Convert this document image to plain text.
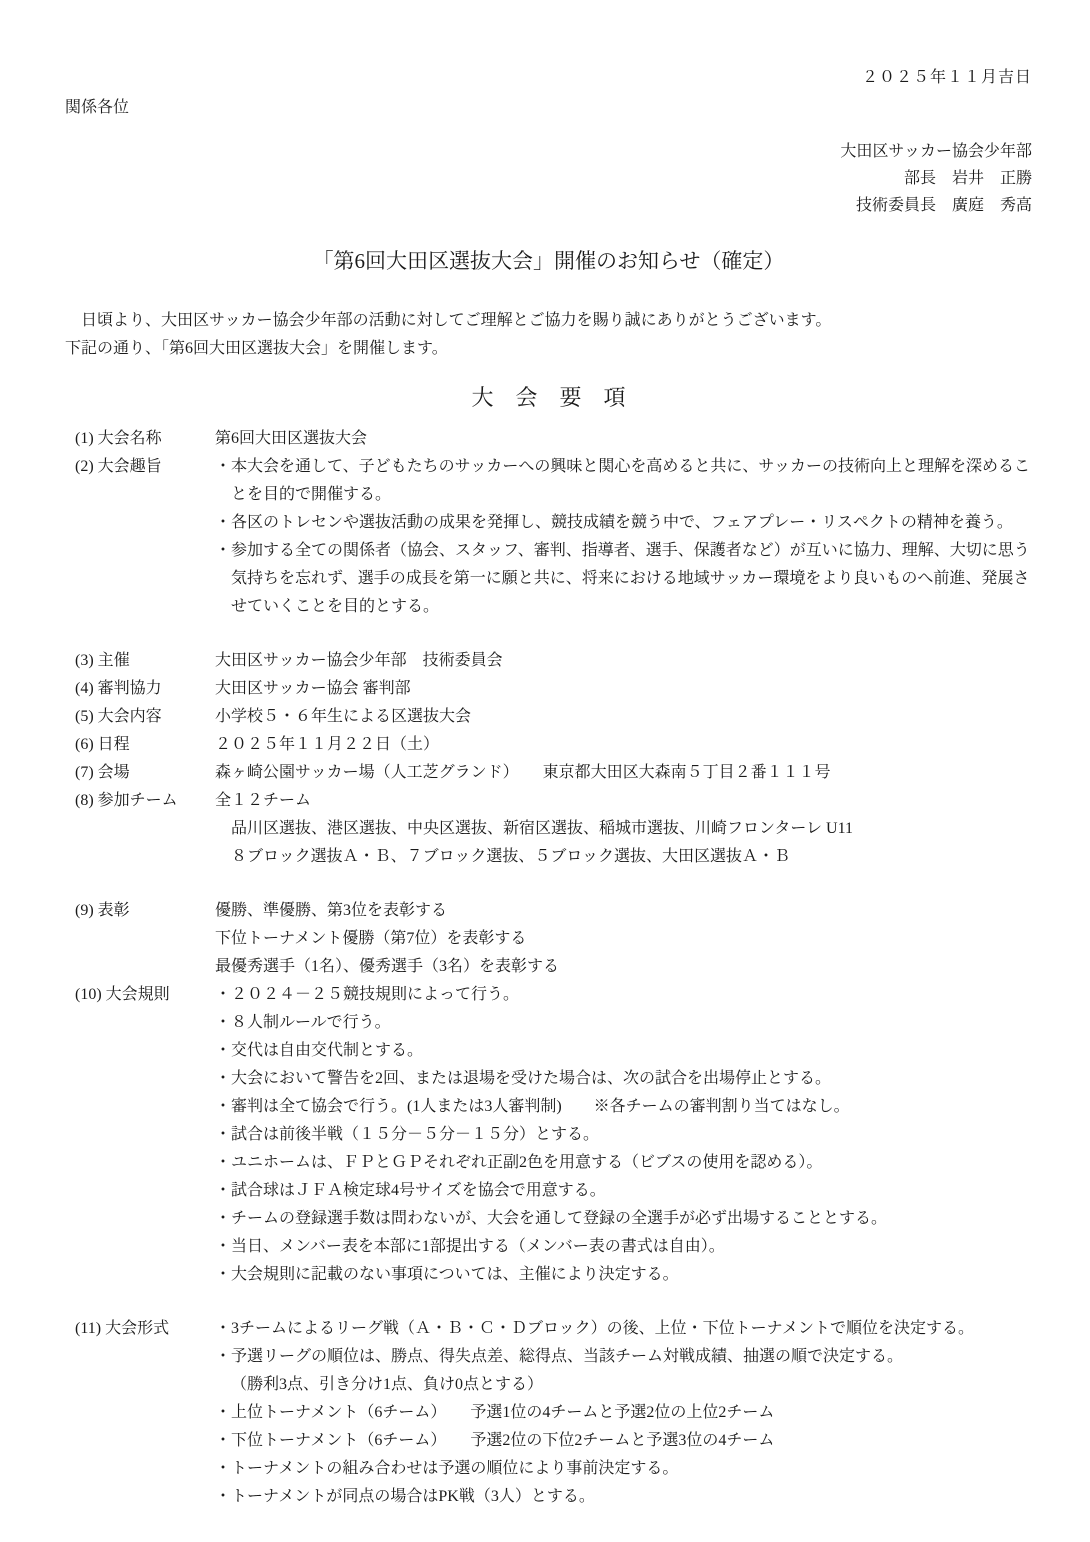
２０２５年１１月吉日
関係各位
大田区サッカー協会少年部
部長　岩井　正勝
技術委員長　廣庭　秀高
「第6回大田区選抜大会」開催のお知らせ（確定）

　日頃より、大田区サッカー協会少年部の活動に対してご理解とご協力を賜り誠にありがとうございます。

下記の通り、「第6回大田区選抜大会」を開催します。

大　会　要　項
(1) 大会名称	第6回大田区選抜大会

(2) 大会趣旨	・本大会を通して、子どもたちのサッカーへの興味と関心を高めると共に、サッカーの技術向上と理解を深めることを目的で開催する。

・各区のトレセンや選抜活動の成果を発揮し、競技成績を競う中で、フェアプレー・リスペクトの精神を養う。

・参加する全ての関係者（協会、スタッフ、審判、指導者、選手、保護者など）が互いに協力、理解、大切に思う気持ちを忘れず、選手の成長を第一に願と共に、将来における地域サッカー環境をより良いものへ前進、発展させていくことを目的とする。

(3) 主催	大田区サッカー協会少年部　技術委員会

(4) 審判協力	大田区サッカー協会 審判部

(5) 大会内容	小学校５・６年生による区選抜大会

(6) 日程	２０２５年１１月２２日（土）

(7) 会場	森ヶ崎公園サッカー場（人工芝グランド）　　東京都大田区大森南５丁目２番１１１号

(8) 参加チーム	全１２チーム

品川区選抜、港区選抜、中央区選抜、新宿区選抜、稲城市選抜、川崎フロンターレ U11

８ブロック選抜Ａ・Ｂ、７ブロック選抜、５ブロック選抜、大田区選抜Ａ・Ｂ

(9) 表彰	優勝、準優勝、第3位を表彰する

下位トーナメント優勝（第7位）を表彰する

最優秀選手（1名）、優秀選手（3名）を表彰する

(10) 大会規則	・２０２４－２５競技規則によって行う。

・８人制ルールで行う。

・交代は自由交代制とする。

・大会において警告を2回、または退場を受けた場合は、次の試合を出場停止とする。

・審判は全て協会で行う。(1人または3人審判制)　　※各チームの審判割り当てはなし。

・試合は前後半戦（１５分－５分－１５分）とする。

・ユニホームは、ＦＰとＧＰそれぞれ正副2色を用意する（ビブスの使用を認める）。

・試合球はＪＦＡ検定球4号サイズを協会で用意する。

・チームの登録選手数は問わないが、大会を通して登録の全選手が必ず出場することとする。

・当日、メンバー表を本部に1部提出する（メンバー表の書式は自由）。

・大会規則に記載のない事項については、主催により決定する。

(11) 大会形式	・3チームによるリーグ戦（Ａ・Ｂ・Ｃ・Ｄブロック）の後、上位・下位トーナメントで順位を決定する。

・予選リーグの順位は、勝点、得失点差、総得点、当該チーム対戦成績、抽選の順で決定する。

（勝利3点、引き分け1点、負け0点とする）

・上位トーナメント（6チーム）　　予選1位の4チームと予選2位の上位2チーム

・下位トーナメント（6チーム）　　予選2位の下位2チームと予選3位の4チーム

・トーナメントの組み合わせは予選の順位により事前決定する。

・トーナメントが同点の場合はPK戦（3人）とする。
